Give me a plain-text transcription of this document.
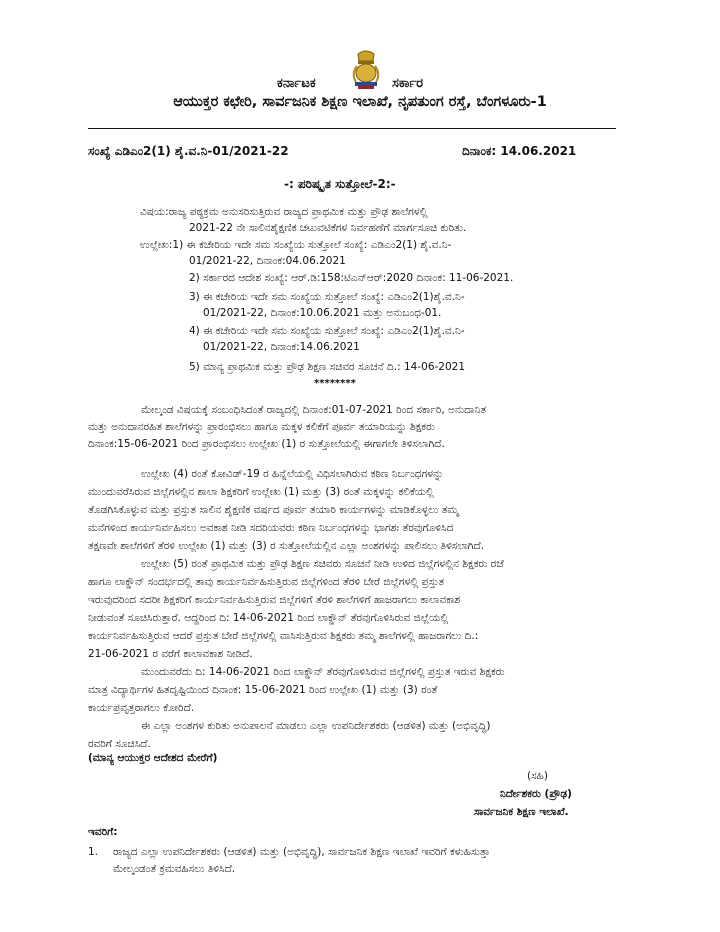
ಕರ್ನಾಟಕ	ಸರ್ಕಾರ
ಆಯುಕ್ತರ ಕಛೇರಿ, ಸಾರ್ವಜನಿಕ ಶಿಕ್ಷಣ ಇಲಾಖೆ, ನೃಪತುಂಗ ರಸ್ತೆ, ಬೆಂಗಳೂರು-1
ಸಂಖ್ಯೆ ಎಡಿಎಂ2(1) ಶೈ.ವ.ನಿ-01/2021-22	ದಿನಾಂಕ: 14.06.2021
-: ಪರಿಷ್ಕೃತ ಸುತ್ತೋಲೆ-2:-
ವಿಷಯ:ರಾಜ್ಯ ಪಠ್ಯಕ್ರಮ ಅನುಸರಿಸುತ್ತಿರುವ ರಾಜ್ಯದ ಪ್ರಾಥಮಿಕ ಮತ್ತು ಪ್ರೌಢ ಶಾಲೆಗಳಲ್ಲಿ
2021-22 ನೇ ಸಾಲಿನಶೈಕ್ಷಣಿಕ ಚಟುವಟಿಕೆಗಳ ನಿರ್ವಹಣೆಗೆ ಮಾರ್ಗಸೂಚಿ ಕುರಿತು.
ಉಲ್ಲೇಖ:1) ಈ ಕಚೇರಿಯ ಇದೇ ಸಮ ಸಂಖ್ಯೆಯ ಸುತ್ತೋಲೆ ಸಂಖ್ಯೆ: ಎಡಿಎಂ2(1) ಶೈ.ವ.ನಿ-
01/2021-22, ದಿನಾಂಕ:04.06.2021
2) ಸರ್ಕಾರದ ಆದೇಶ ಸಂಖ್ಯೆ: ಆರ್.ಡಿ:158:ಟಿಎನ್ಆರ್:2020 ದಿನಾಂಕ: 11-06-2021.
3) ಈ ಕಚೇರಿಯ ಇದೇ ಸಮ ಸಂಖ್ಯೆಯ ಸುತ್ತೋಲೆ ಸಂಖ್ಯೆ: ಎಡಿಎಂ2(1)ಶೈ.ವ.ನಿ-
01/2021-22, ದಿನಾಂಕ:10.06.2021 ಮತ್ತು ಅನುಬಂಧ-01.
4) ಈ ಕಚೇರಿಯ ಇದೇ ಸಮ ಸಂಖ್ಯೆಯ ಸುತ್ತೋಲೆ ಸಂಖ್ಯೆ: ಎಡಿಎಂ2(1)ಶೈ.ವ.ನಿ-
01/2021-22, ದಿನಾಂಕ:14.06.2021
5) ಮಾನ್ಯ ಪ್ರಾಥಮಿಕ ಮತ್ತು ಪ್ರೌಢ ಶಿಕ್ಷಣ ಸಚಿವರ ಸೂಚನೆ ದಿ.: 14-06-2021
********
ಮೇಲ್ಕಂಡ ವಿಷಯಕ್ಕೆ ಸಂಬಂಧಿಸಿದಂತೆ ರಾಜ್ಯದಲ್ಲಿ ದಿನಾಂಕ:01-07-2021 ರಿಂದ ಸರ್ಕಾರಿ, ಅನುದಾನಿತ
ಮತ್ತು ಅನುದಾನರಹಿತ ಶಾಲೆಗಳನ್ನು ಪ್ರಾರಂಭಿಸಲು ಹಾಗೂ ಮಕ್ಕಳ ಕಲಿಕೆಗೆ ಪೂರ್ವ ತಯಾರಿಯನ್ನು ಶಿಕ್ಷಕರು
ದಿನಾಂಕ:15-06-2021 ರಿಂದ ಪ್ರಾರಂಭಿಸಲು ಉಲ್ಲೇಖ (1) ರ ಸುತ್ತೋಲೆಯಲ್ಲಿ ಈಗಾಗಲೇ ತಿಳಿಸಲಾಗಿದೆ.
ಉಲ್ಲೇಖ (4) ರಂತೆ ಕೋವಿಡ್-19 ರ ಹಿನ್ನೆಲೆಯಲ್ಲಿ ವಿಧಿಸಲಾಗಿರುವ ಕಠಿಣ ನಿರ್ಬಂಧಗಳನ್ನು
ಮುಂದುವರೆಸಿರುವ ಜಿಲ್ಲೆಗಳಲ್ಲಿನ ಶಾಲಾ ಶಿಕ್ಷಕರಿಗೆ ಉಲ್ಲೇಖ (1) ಮತ್ತು (3) ರಂತೆ ಮಕ್ಕಳನ್ನು ಕಲಿಕೆಯಲ್ಲಿ
ತೊಡಗಿಸಿಕೊಳ್ಳುವ ಮತ್ತು ಪ್ರಸ್ತುತ ಸಾಲಿನ ಶೈಕ್ಷಣಿಕ ವರ್ಷದ ಪೂರ್ವ ತಯಾರಿ ಕಾರ್ಯಗಳನ್ನು ಮಾಡಿಕೊಳ್ಳಲು ತಮ್ಮ
ಮನೆಗಳಿಂದ ಕಾರ್ಯನಿರ್ವಹಿಸಲು ಅವಕಾಶ ನೀಡಿ ಸದರಿಯವರು ಕಠಿಣ ನಿರ್ಬಂಧಗಳನ್ನು ಭಾಗಶಃ ತೆರವುಗೊಳಿಸಿದ
ತಕ್ಷಣವೇ ಶಾಲೆಗಳಿಗೆ ತೆರಳಿ ಉಲ್ಲೇಖ (1) ಮತ್ತು (3) ರ ಸುತ್ತೋಲೆಯಲ್ಲಿನ ಎಲ್ಲಾ ಅಂಶಗಳನ್ನು ಪಾಲಿಸಲು ತಿಳಿಸಲಾಗಿದೆ.
ಉಲ್ಲೇಖ (5) ರಂತೆ ಪ್ರಾಥಮಿಕ ಮತ್ತು ಪ್ರೌಢ ಶಿಕ್ಷಣ ಸಚಿವರು ಸೂಚನೆ ನೀಡಿ ಉಳಿದ ಜಿಲ್ಲೆಗಳಲ್ಲಿನ ಶಿಕ್ಷಕರು ರಜೆ
ಹಾಗೂ ಲಾಕ್ಡೌನ್ ಸಂದರ್ಭದಲ್ಲಿ ತಾವು ಕಾರ್ಯನಿರ್ವಹಿಸುತ್ತಿರುವ ಜಿಲ್ಲೆಗಳಿಂದ ತೆರಳಿ ಬೇರೆ ಜಿಲ್ಲೆಗಳಲ್ಲಿ ಪ್ರಸ್ತುತ
ಇರುವುದರಿಂದ ಸದರೀ ಶಿಕ್ಷಕರಿಗೆ ಕಾರ್ಯನಿರ್ವಹಿಸುತ್ತಿರುವ ಜಿಲ್ಲೆಗಳಿಗೆ ತೆರಳಿ ಶಾಲೆಗಳಿಗೆ ಹಾಜರಾಗಲು ಕಾಲಾವಕಾಶ
ನೀಡುವಂತೆ ಸೂಚಿಸಿರುತ್ತಾರೆ. ಆದ್ದರಿಂದ ದಿ: 14-06-2021 ರಿಂದ ಲಾಕ್ಡೌನ್ ತೆರವುಗೊಳಿಸಿರುವ ಜಿಲ್ಲೆಯಲ್ಲಿ
ಕಾರ್ಯನಿರ್ವಹಿಸುತ್ತಿರುವ ಆದರೆ ಪ್ರಸ್ತುತ ಬೇರೆ ಜಿಲ್ಲೆಗಳಲ್ಲಿ ವಾಸಿಸುತ್ತಿರುವ ಶಿಕ್ಷಕರು ತಮ್ಮ ಶಾಲೆಗಳಲ್ಲಿ ಹಾಜರಾಗಲು ದಿ.:
21-06-2021 ರ ವರೆಗೆ ಕಾಲಾವಕಾಶ ನೀಡಿದೆ.
ಮುಂದುವರೆದು ದಿ: 14-06-2021 ರಿಂದ ಲಾಕ್ಡೌನ್ ತೆರವುಗೊಳಿಸಿರುವ ಜಿಲ್ಲೆಗಳಲ್ಲಿ ಪ್ರಸ್ತುತ ಇರುವ ಶಿಕ್ಷಕರು
ಮಾತ್ರ ವಿದ್ಯಾರ್ಥಿಗಳ ಹಿತದೃಷ್ಟಿಯಿಂದ ದಿನಾಂಕ: 15-06-2021 ರಿಂದ ಉಲ್ಲೇಖ (1) ಮತ್ತು (3) ರಂತೆ
ಕಾರ್ಯಪ್ರವೃತ್ತರಾಗಲು ಕೋರಿದೆ.
ಈ ಎಲ್ಲಾ ಅಂಶಗಳ ಕುರಿತು ಅನುಪಾಲನೆ ಮಾಡಲು ಎಲ್ಲಾ ಉಪನಿರ್ದೇಶಕರು (ಆಡಳಿತ) ಮತ್ತು (ಅಭಿವೃದ್ಧಿ)
ರವರಿಗೆ ಸೂಚಿಸಿದೆ.
(ಮಾನ್ಯ ಆಯುಕ್ತರ ಆದೇಶದ ಮೇರೆಗೆ)
(ಸಹಿ)
ನಿರ್ದೇಶಕರು (ಪ್ರೌಢ)
ಸಾರ್ವಜನಿಕ ಶಿಕ್ಷಣ ಇಲಾಖೆ.
ಇವರಿಗೆ:
1. ರಾಜ್ಯದ ಎಲ್ಲಾ ಉಪನಿರ್ದೇಶಕರು (ಆಡಳಿತ) ಮತ್ತು (ಅಭಿವೃದ್ಧಿ), ಸಾರ್ವಜನಿಕ ಶಿಕ್ಷಣ ಇಲಾಖೆ ಇವರಿಗೆ ಕಳುಹಿಸುತ್ತಾ
ಮೇಲ್ಕಂಡಂತೆ ಕ್ರಮವಹಿಸಲು ತಿಳಿಸಿದೆ.
